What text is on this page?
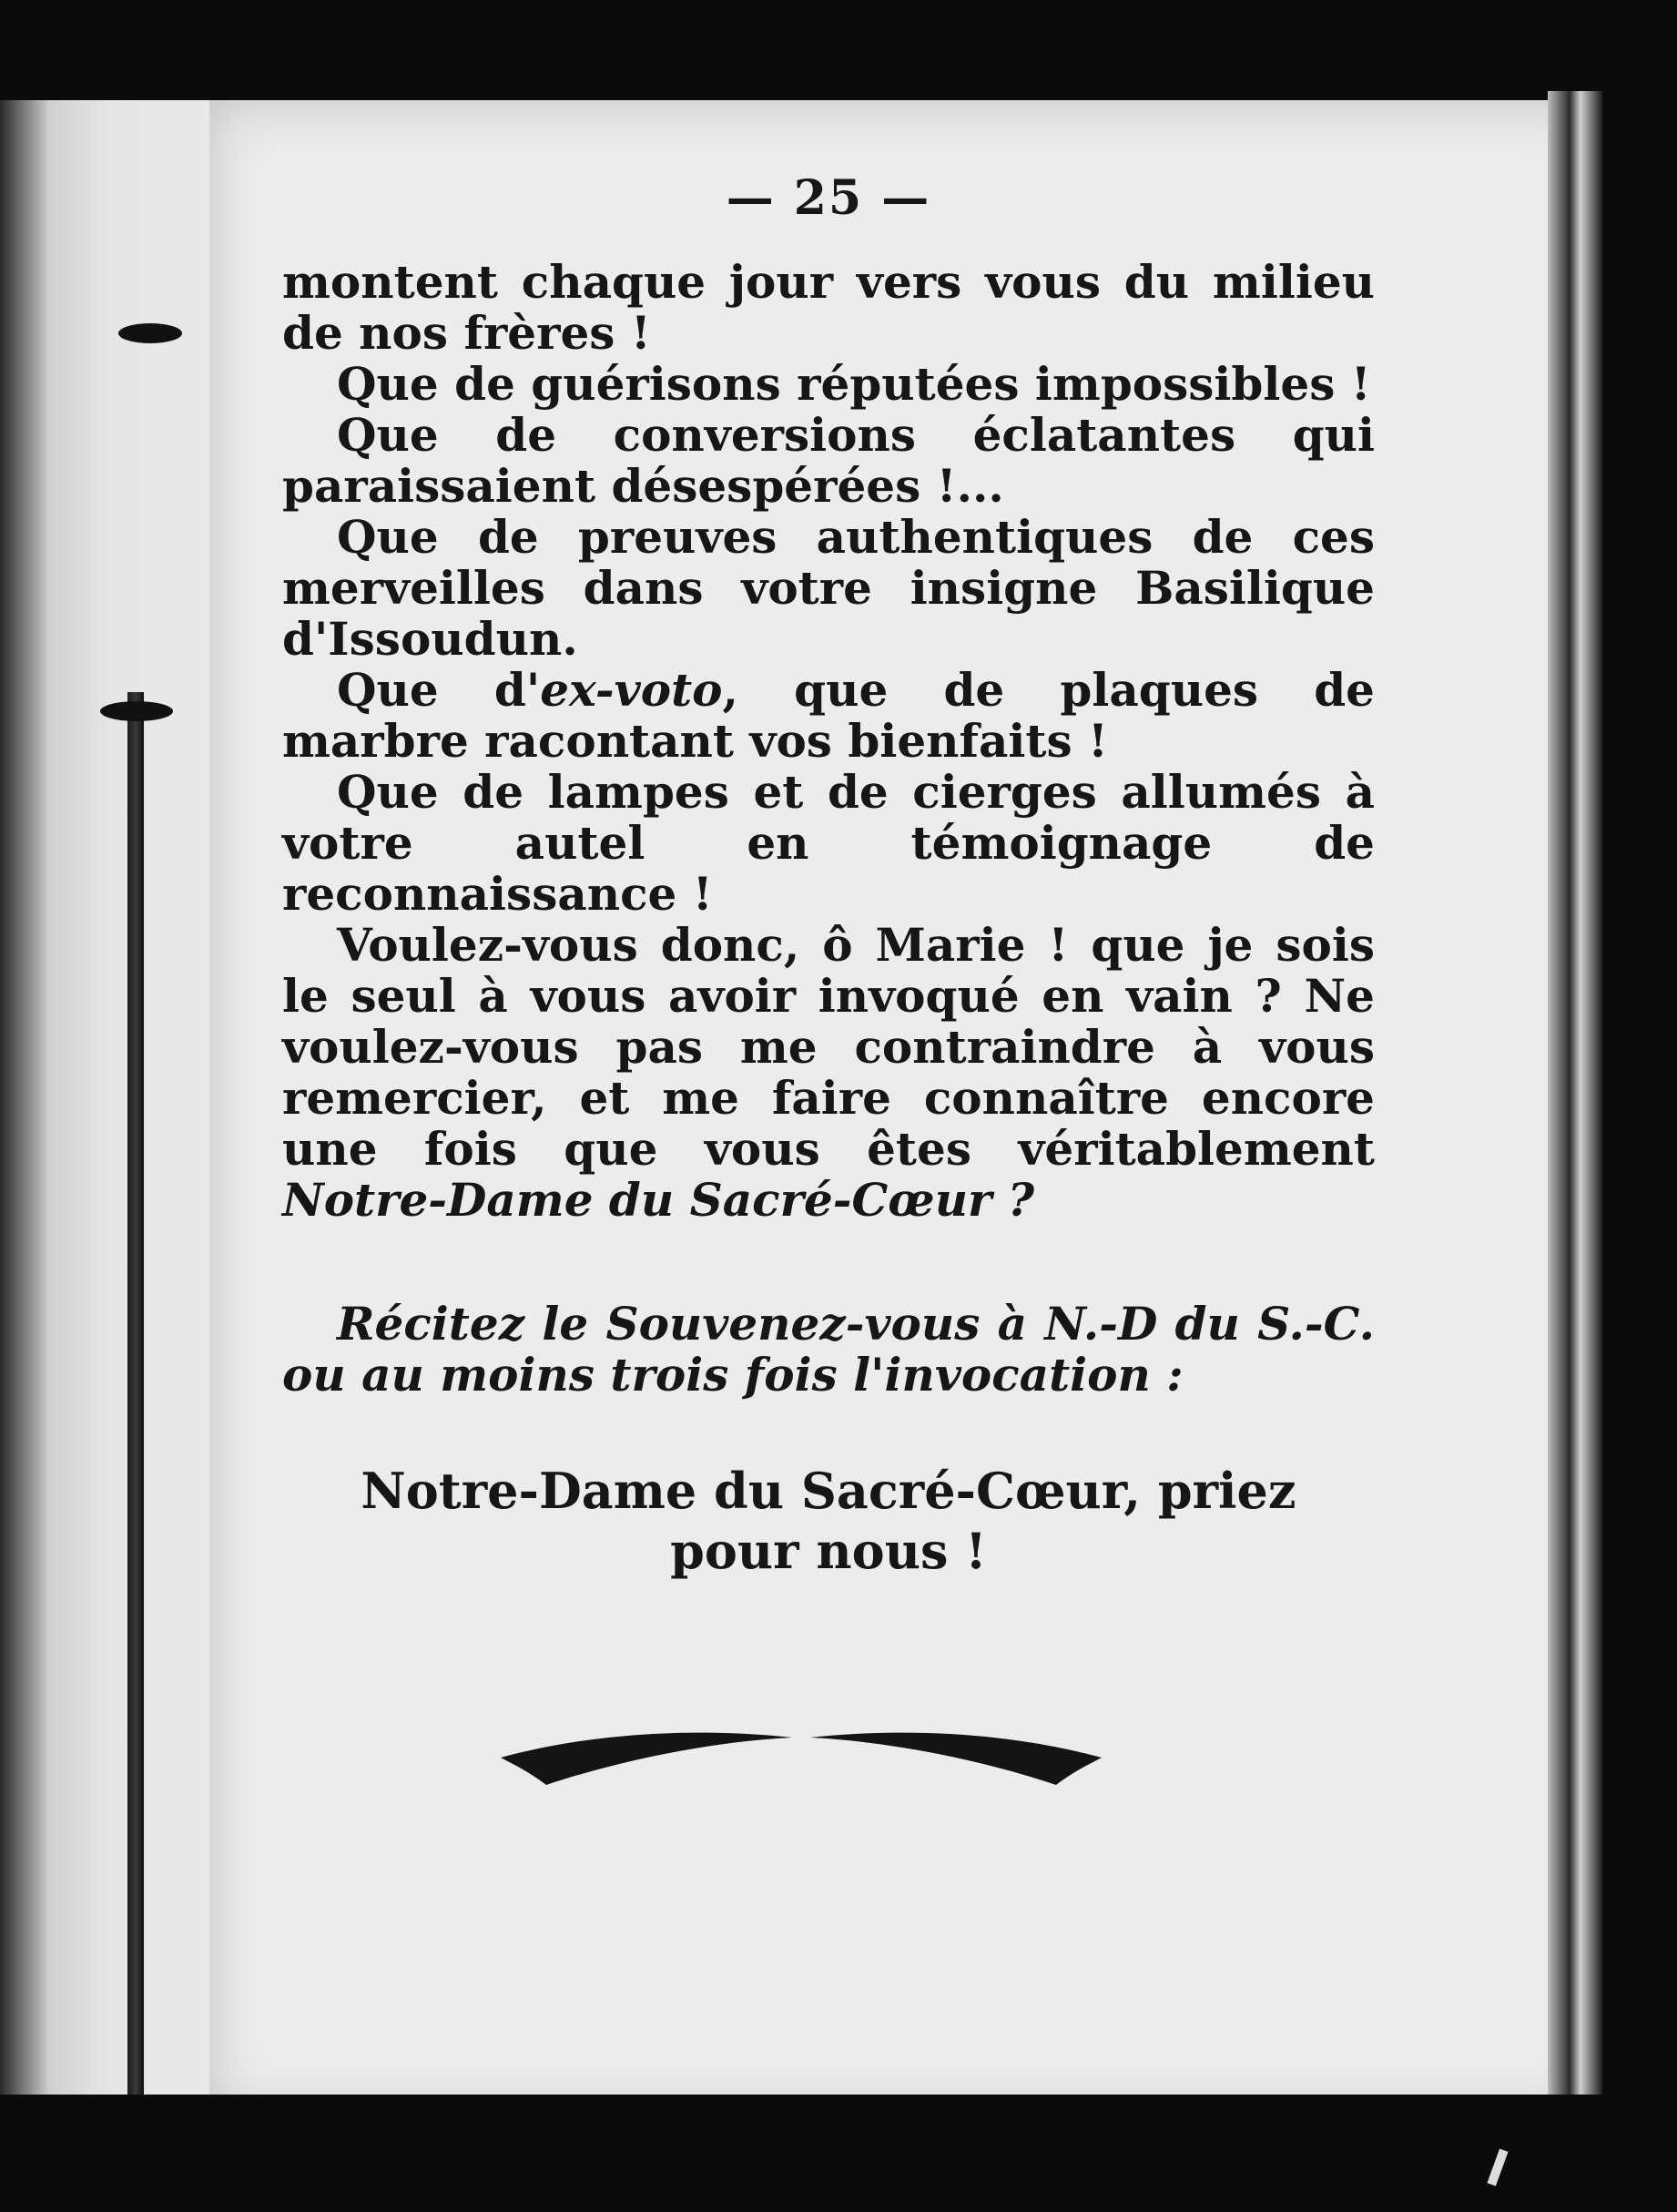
— 25 —

montent chaque jour vers vous du milieu de nos frères !

Que de guérisons réputées impossibles !

Que de conversions éclatantes qui paraissaient désespérées !...

Que de preuves authentiques de ces merveilles dans votre insigne Basilique d'Issoudun.

Que d'ex-voto, que de plaques de marbre racontant vos bienfaits !

Que de lampes et de cierges allumés à votre autel en témoignage de reconnaissance !

Voulez-vous donc, ô Marie ! que je sois le seul à vous avoir invoqué en vain ? Ne voulez-vous pas me contraindre à vous remercier, et me faire connaître encore une fois que vous êtes véritablement Notre-Dame du Sacré-Cœur ?

Récitez le Souvenez-vous à N.-D du S.-C. ou au moins trois fois l'invocation :

Notre-Dame du Sacré-Cœur, priez
pour nous !
